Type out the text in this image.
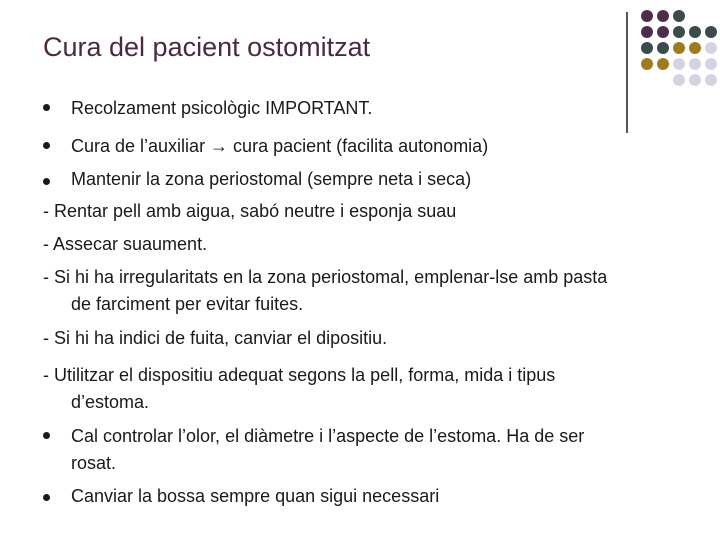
Cura del pacient ostomitzat

Recolzament psicològic IMPORTANT.

Cura de l’auxiliar → cura pacient (facilita autonomia)

Mantenir la zona periostomal (sempre neta i seca)

- Rentar pell amb aigua, sabó neutre i esponja suau

- Assecar suaument.

- Si hi ha irregularitats en la zona periostomal, emplenar-lse amb pasta

de farciment per evitar fuites.

- Si hi ha indici de fuita, canviar el dipositiu.

- Utilitzar el dispositiu adequat segons la pell, forma, mida i tipus

d’estoma.

Cal controlar l’olor, el diàmetre i l’aspecte de l’estoma. Ha de ser

rosat.

Canviar la bossa sempre quan sigui necessari
